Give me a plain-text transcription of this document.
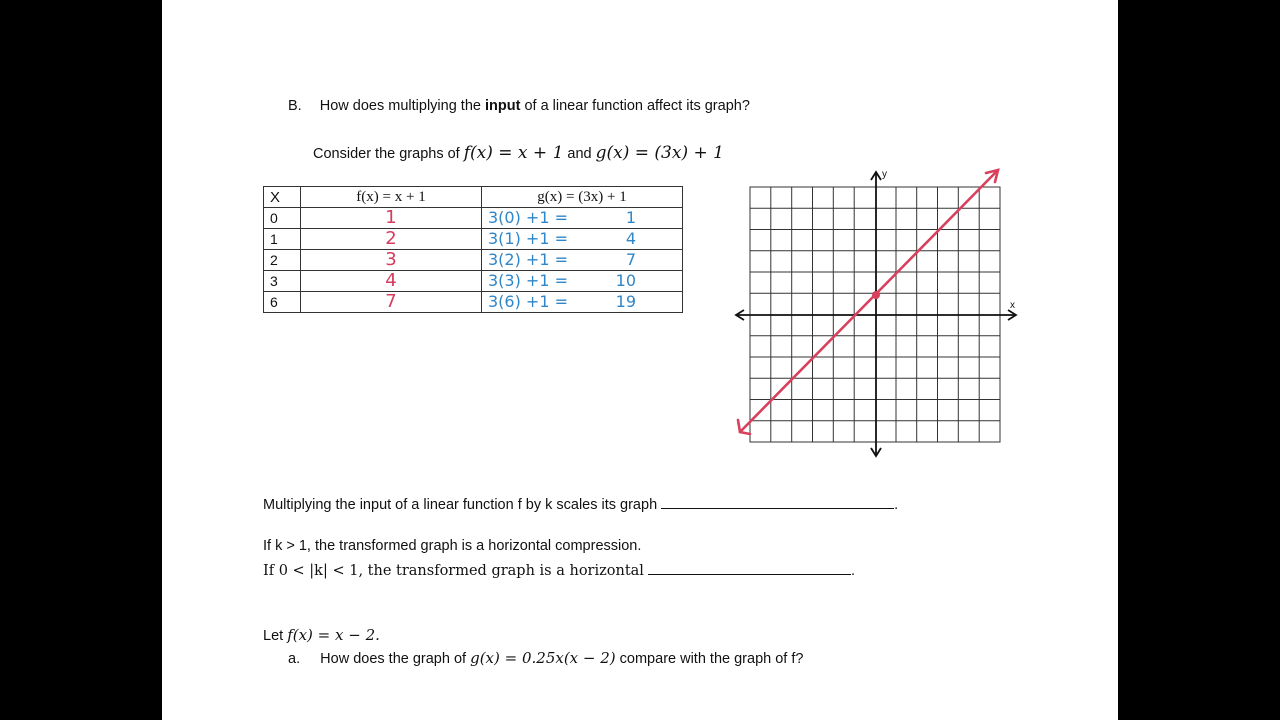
B. How does multiplying the input of a linear function affect its graph?
Consider the graphs of f(x) = x + 1 and g(x) = (3x) + 1
X	f(x) = x + 1	g(x) = (3x) + 1
0	1	3(0) +1 = 1

1	2	3(1) +1 = 4

2	3	3(2) +1 = 7

3	4	3(3) +1 = 10

6	7	3(6) +1 = 19
y
x
Multiplying the input of a linear function f by k scales its graph	.
If k > 1, the transformed graph is a horizontal compression.
If 0 < |k| < 1, the transformed graph is a horizontal	.
Let f(x) = x − 2.
a. How does the graph of g(x) = 0.25x(x − 2) compare with the graph of f?
